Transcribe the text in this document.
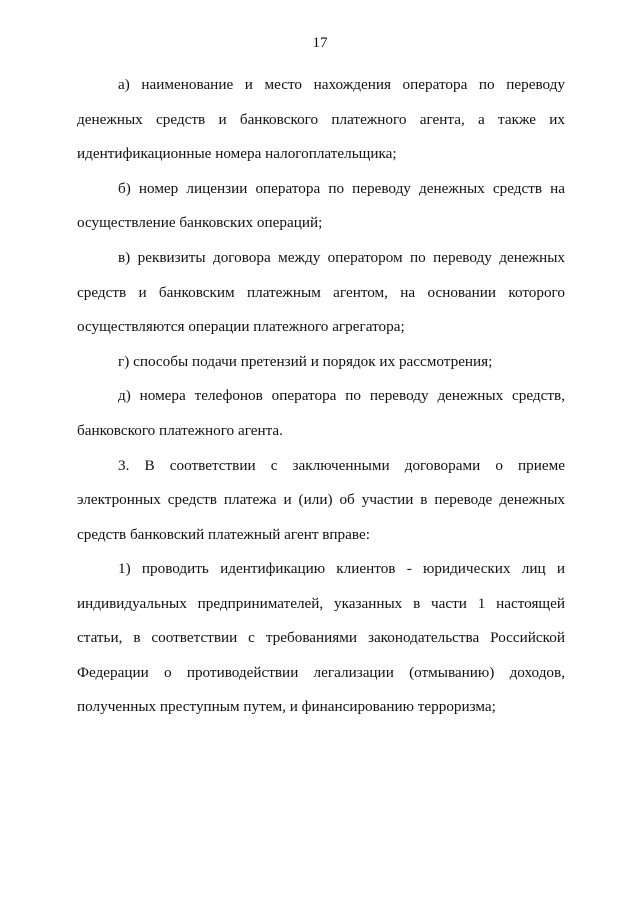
17
а) наименование и место нахождения оператора по переводу
денежных средств и банковского платежного агента, а также их
идентификационные номера налогоплательщика;
б) номер лицензии оператора по переводу денежных средств на
осуществление банковских операций;
в) реквизиты договора между оператором по переводу денежных
средств и банковским платежным агентом, на основании которого
осуществляются операции платежного агрегатора;
г) способы подачи претензий и порядок их рассмотрения;
д) номера телефонов оператора по переводу денежных средств,
банковского платежного агента.
3. В соответствии с заключенными договорами о приеме
электронных средств платежа и (или) об участии в переводе денежных
средств банковский платежный агент вправе:
1) проводить идентификацию клиентов - юридических лиц и
индивидуальных предпринимателей, указанных в части 1 настоящей
статьи, в соответствии с требованиями законодательства Российской
Федерации о противодействии легализации (отмыванию) доходов,
полученных преступным путем, и финансированию терроризма;
